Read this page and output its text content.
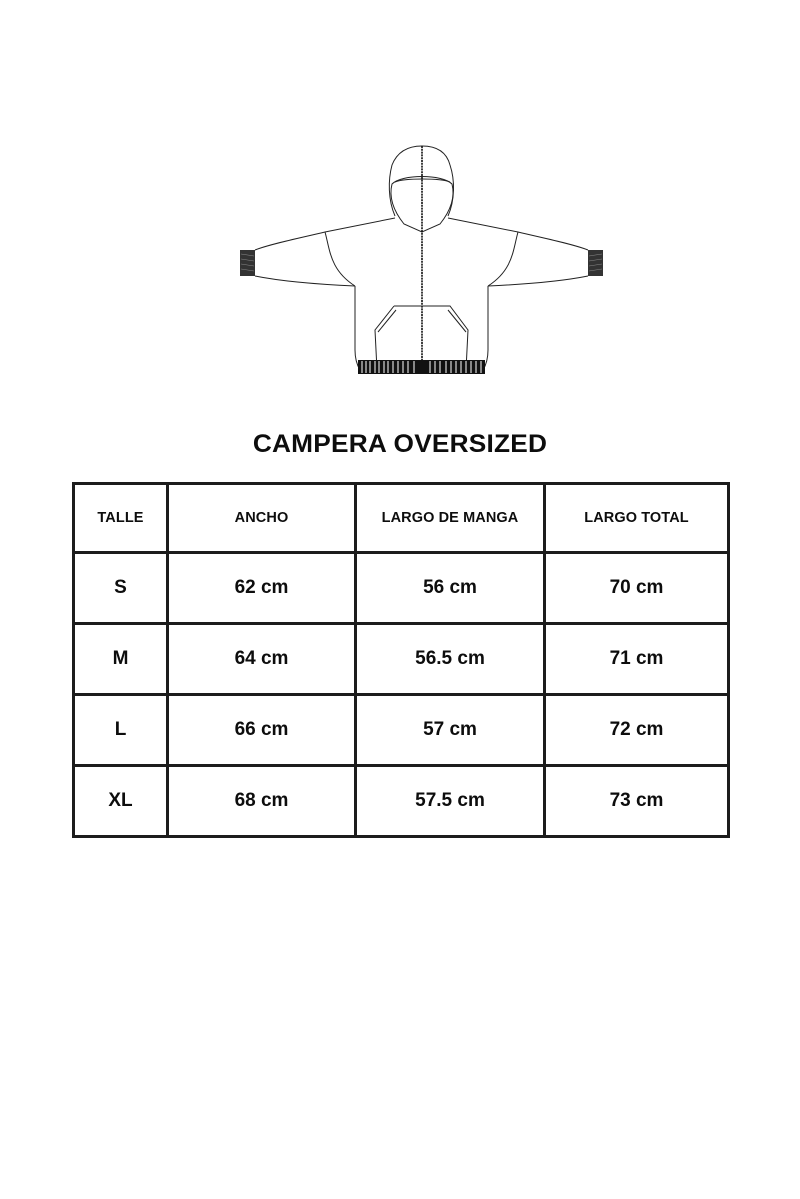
CAMPERA OVERSIZED
TALLE	ANCHO	LARGO DE MANGA	LARGO TOTAL
S	62 cm	56 cm	70 cm
M	64 cm	56.5 cm	71 cm
L	66 cm	57 cm	72 cm
XL	68 cm	57.5 cm	73 cm
